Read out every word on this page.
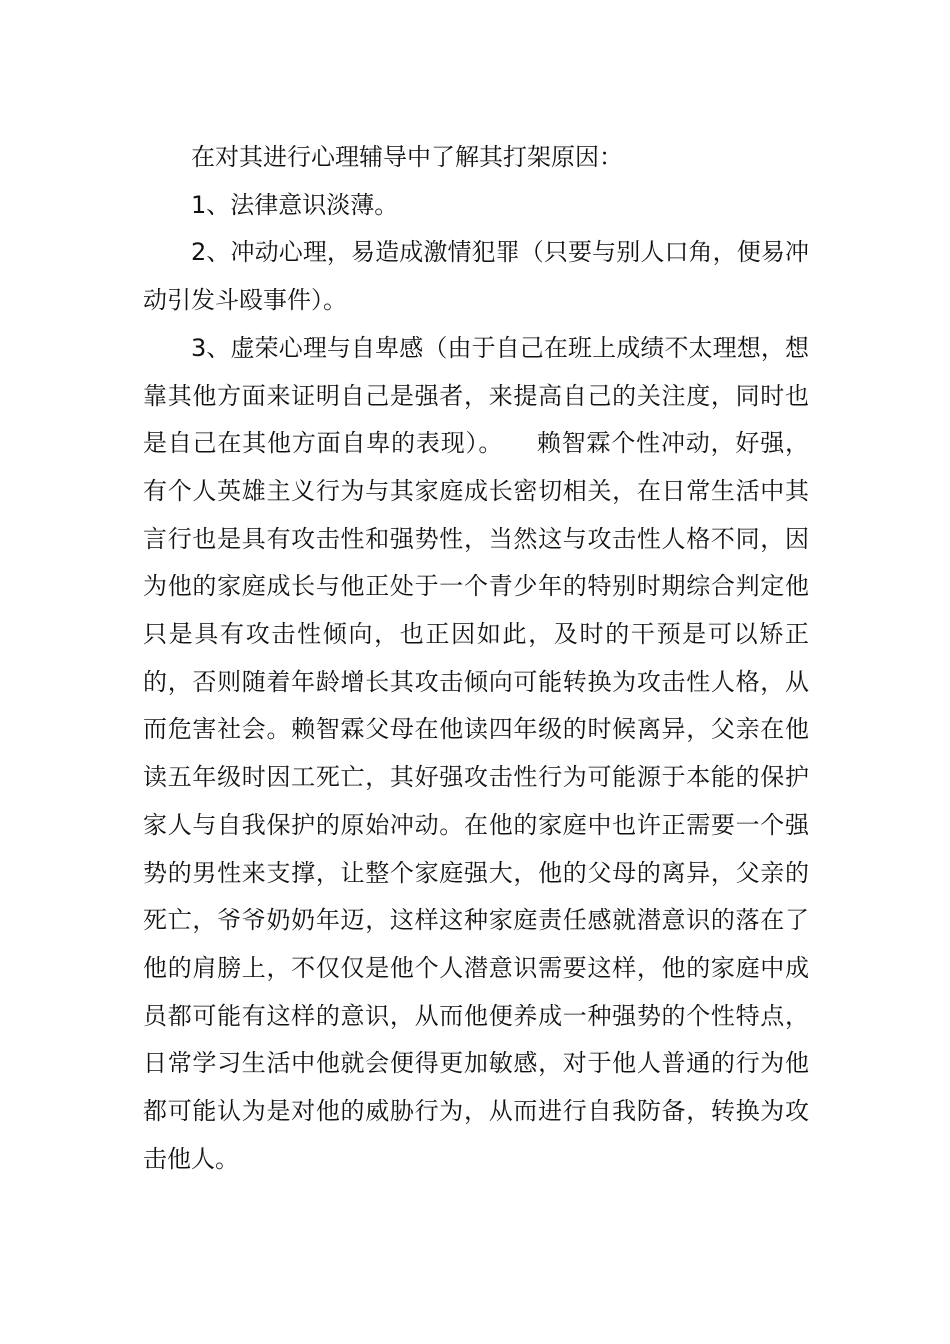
在对其进行心理辅导中了解其打架原因：

1、法律意识淡薄。

2、冲动心理，易造成激情犯罪（只要与别人口角，便易冲动引发斗殴事件）。

3、虚荣心理与自卑感（由于自己在班上成绩不太理想，想靠其他方面来证明自己是强者，来提高自己的关注度，同时也是自己在其他方面自卑的表现）。    赖智霖个性冲动，好强，有个人英雄主义行为与其家庭成长密切相关，在日常生活中其言行也是具有攻击性和强势性，当然这与攻击性人格不同，因为他的家庭成长与他正处于一个青少年的特别时期综合判定他只是具有攻击性倾向，也正因如此，及时的干预是可以矫正的，否则随着年龄增长其攻击倾向可能转换为攻击性人格，从而危害社会。赖智霖父母在他读四年级的时候离异，父亲在他读五年级时因工死亡，其好强攻击性行为可能源于本能的保护家人与自我保护的原始冲动。在他的家庭中也许正需要一个强势的男性来支撑，让整个家庭强大，他的父母的离异，父亲的死亡，爷爷奶奶年迈，这样这种家庭责任感就潜意识的落在了他的肩膀上，不仅仅是他个人潜意识需要这样，他的家庭中成员都可能有这样的意识，从而他便养成一种强势的个性特点，日常学习生活中他就会便得更加敏感，对于他人普通的行为他都可能认为是对他的威胁行为，从而进行自我防备，转换为攻击他人。
